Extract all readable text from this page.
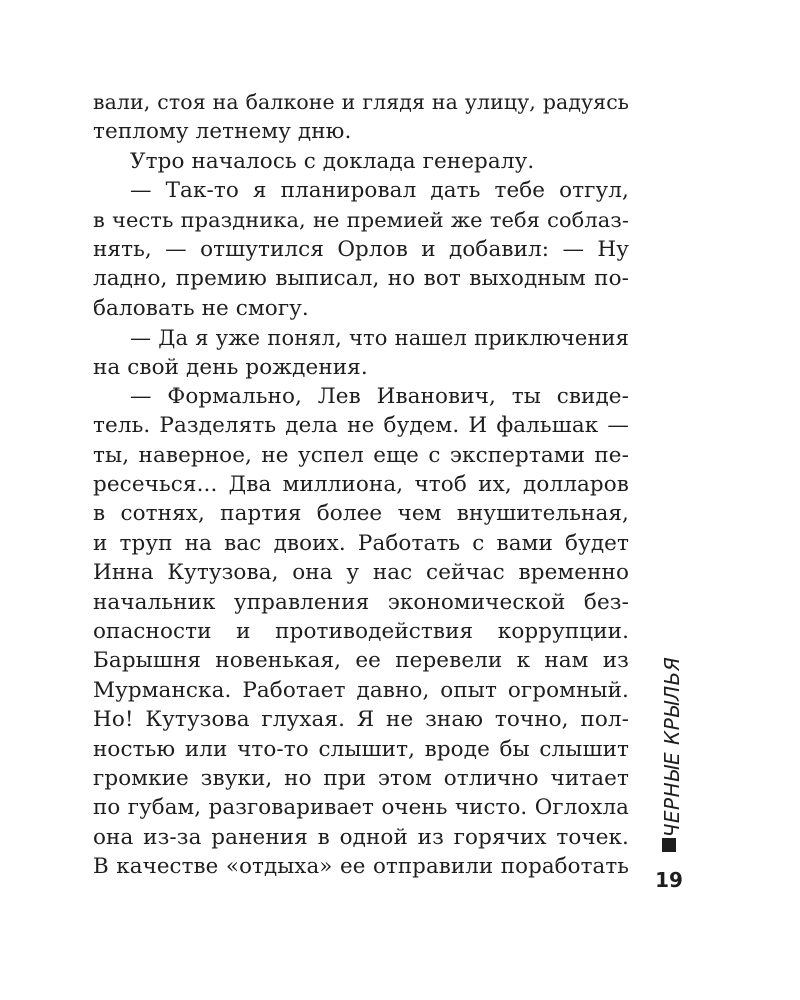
вали, стоя на балконе и глядя на улицу, радуясь
теплому летнему дню.
Утро началось с доклада генералу.
— Так-то я планировал дать тебе отгул,
в честь праздника, не премией же тебя соблаз-
нять, — отшутился Орлов и добавил: — Ну
ладно, премию выписал, но вот выходным по-
баловать не смогу.
— Да я уже понял, что нашел приключения
на свой день рождения.
— Формально, Лев Иванович, ты свиде-
тель. Разделять дела не будем. И фальшак —
ты, наверное, не успел еще с экспертами пе-
ресечься... Два миллиона, чтоб их, долларов
в сотнях, партия более чем внушительная,
и труп на вас двоих. Работать с вами будет
Инна Кутузова, она у нас сейчас временно
начальник управления экономической без-
опасности и противодействия коррупции.
Барышня новенькая, ее перевели к нам из
Мурманска. Работает давно, опыт огромный.
Но! Кутузова глухая. Я не знаю точно, пол-
ностью или что-то слышит, вроде бы слышит
громкие звуки, но при этом отлично читает
по губам, разговаривает очень чисто. Оглохла
она из-за ранения в одной из горячих точек.
В качестве «отдыха» ее отправили поработать
ЧЕРНЫЕ КРЫЛЬЯ
19
